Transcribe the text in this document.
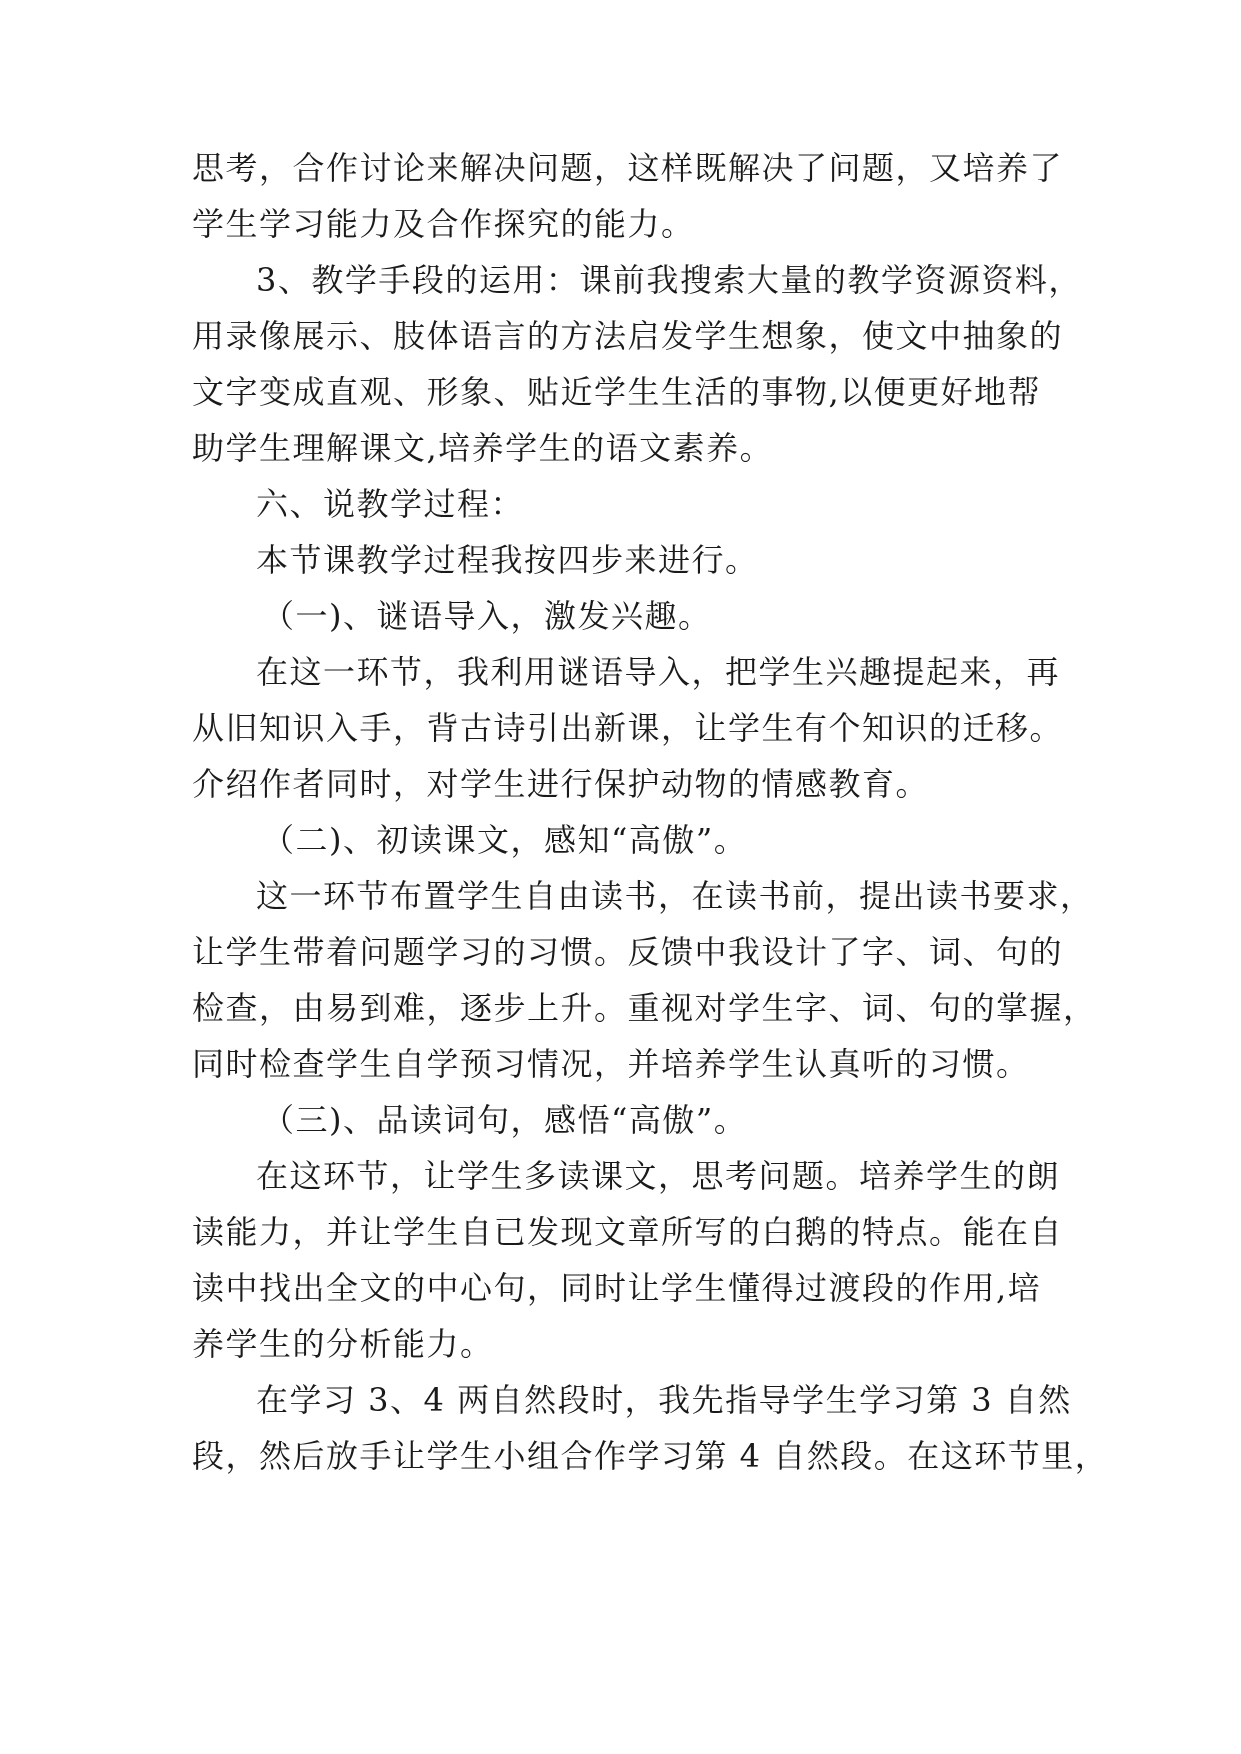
思考，合作讨论来解决问题，这样既解决了问题，又培养了
学生学习能力及合作探究的能力。
3、教学手段的运用：课前我搜索大量的教学资源资料，
用录像展示、肢体语言的方法启发学生想象，使文中抽象的
文字变成直观、形象、贴近学生生活的事物,以便更好地帮
助学生理解课文,培养学生的语文素养。
六、说教学过程：
本节课教学过程我按四步来进行。
（一)、谜语导入，激发兴趣。
在这一环节，我利用谜语导入，把学生兴趣提起来，再
从旧知识入手，背古诗引出新课，让学生有个知识的迁移。
介绍作者同时，对学生进行保护动物的情感教育。
（二)、初读课文，感知“高傲”。
这一环节布置学生自由读书，在读书前，提出读书要求，
让学生带着问题学习的习惯。反馈中我设计了字、词、句的
检查，由易到难，逐步上升。重视对学生字、词、句的掌握，
同时检查学生自学预习情况，并培养学生认真听的习惯。
（三)、品读词句，感悟“高傲”。
在这环节，让学生多读课文，思考问题。培养学生的朗
读能力，并让学生自已发现文章所写的白鹅的特点。能在自
读中找出全文的中心句，同时让学生懂得过渡段的作用,培
养学生的分析能力。
在学习 3、4 两自然段时，我先指导学生学习第 3 自然
段，然后放手让学生小组合作学习第 4 自然段。在这环节里，
